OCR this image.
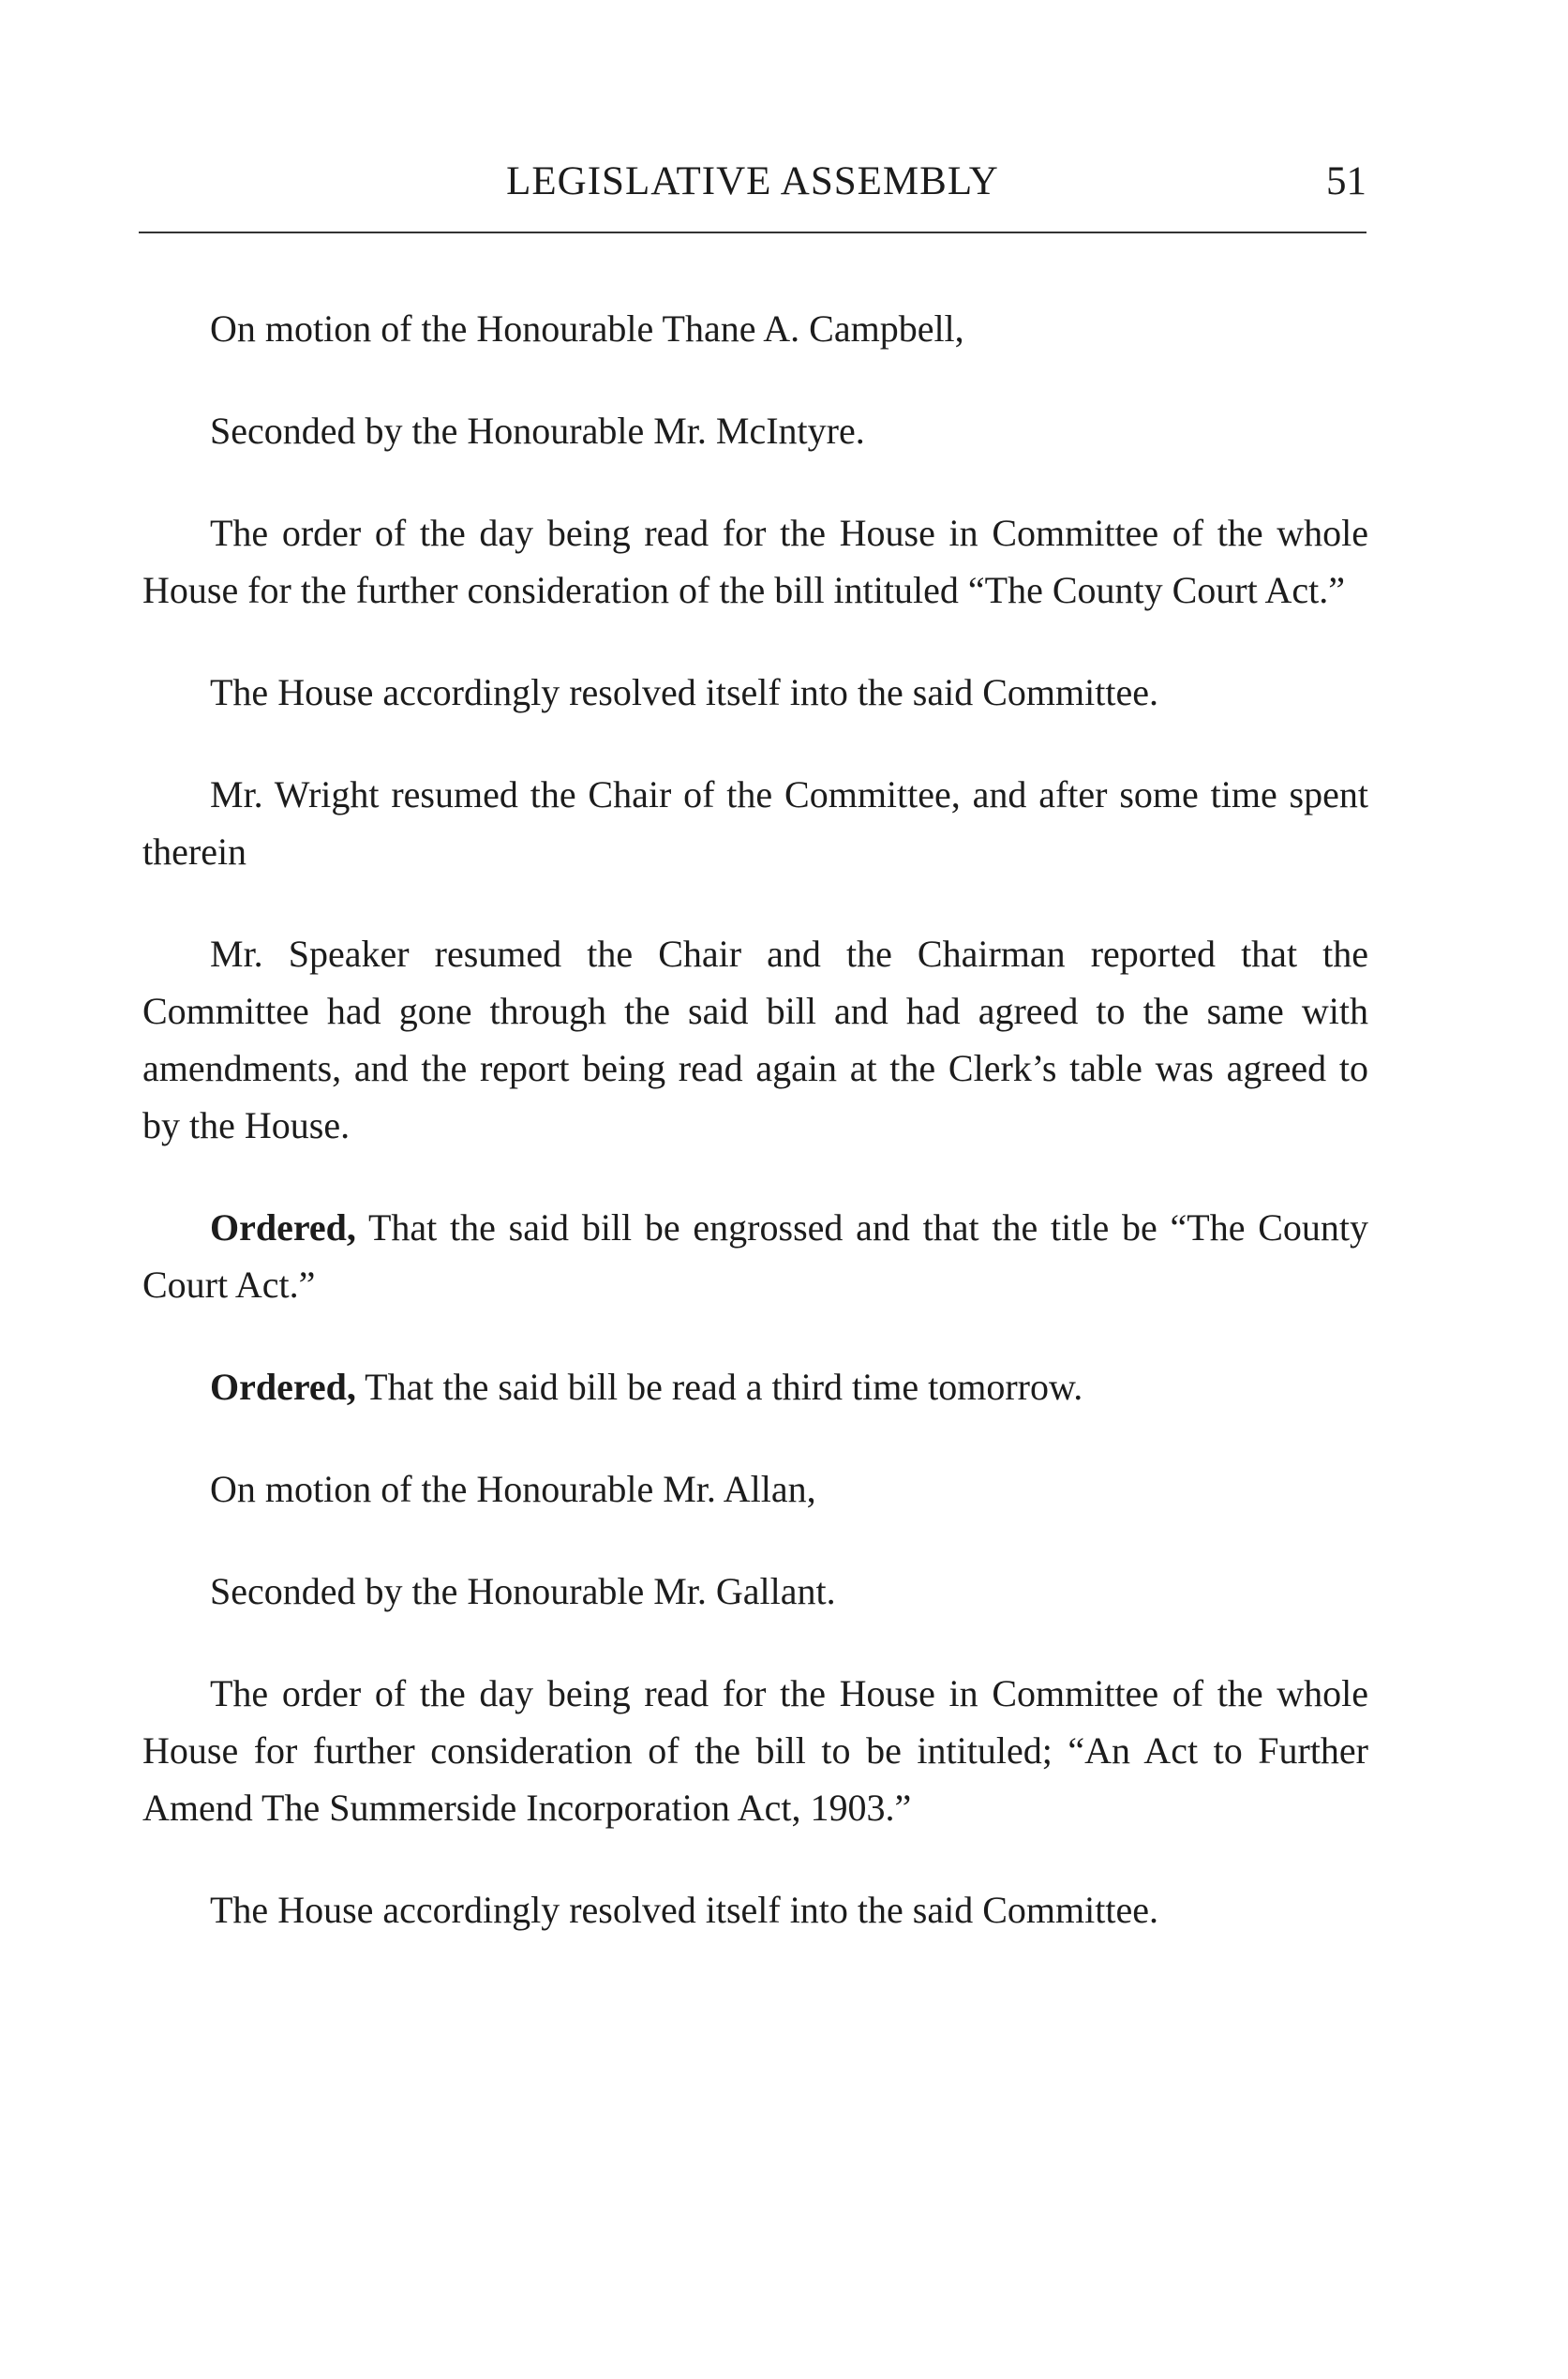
LEGISLATIVE ASSEMBLY	51

On motion of the Honourable Thane A. Campbell,

Seconded by the Honourable Mr. McIntyre.

The order of the day being read for the House in Committee of the whole House for the further consideration of the bill intituled “The County Court Act.”

The House accordingly resolved itself into the said Committee.

Mr. Wright resumed the Chair of the Committee, and after some time spent therein

Mr. Speaker resumed the Chair and the Chairman reported that the Committee had gone through the said bill and had agreed to the same with amendments, and the report being read again at the Clerk’s table was agreed to by the House.

Ordered, That the said bill be engrossed and that the title be “The County Court Act.”

Ordered, That the said bill be read a third time tomorrow.

On motion of the Honourable Mr. Allan,

Seconded by the Honourable Mr. Gallant.

The order of the day being read for the House in Committee of the whole House for further consideration of the bill to be intituled; “An Act to Further Amend The Summerside Incorporation Act, 1903.”

The House accordingly resolved itself into the said Committee.
